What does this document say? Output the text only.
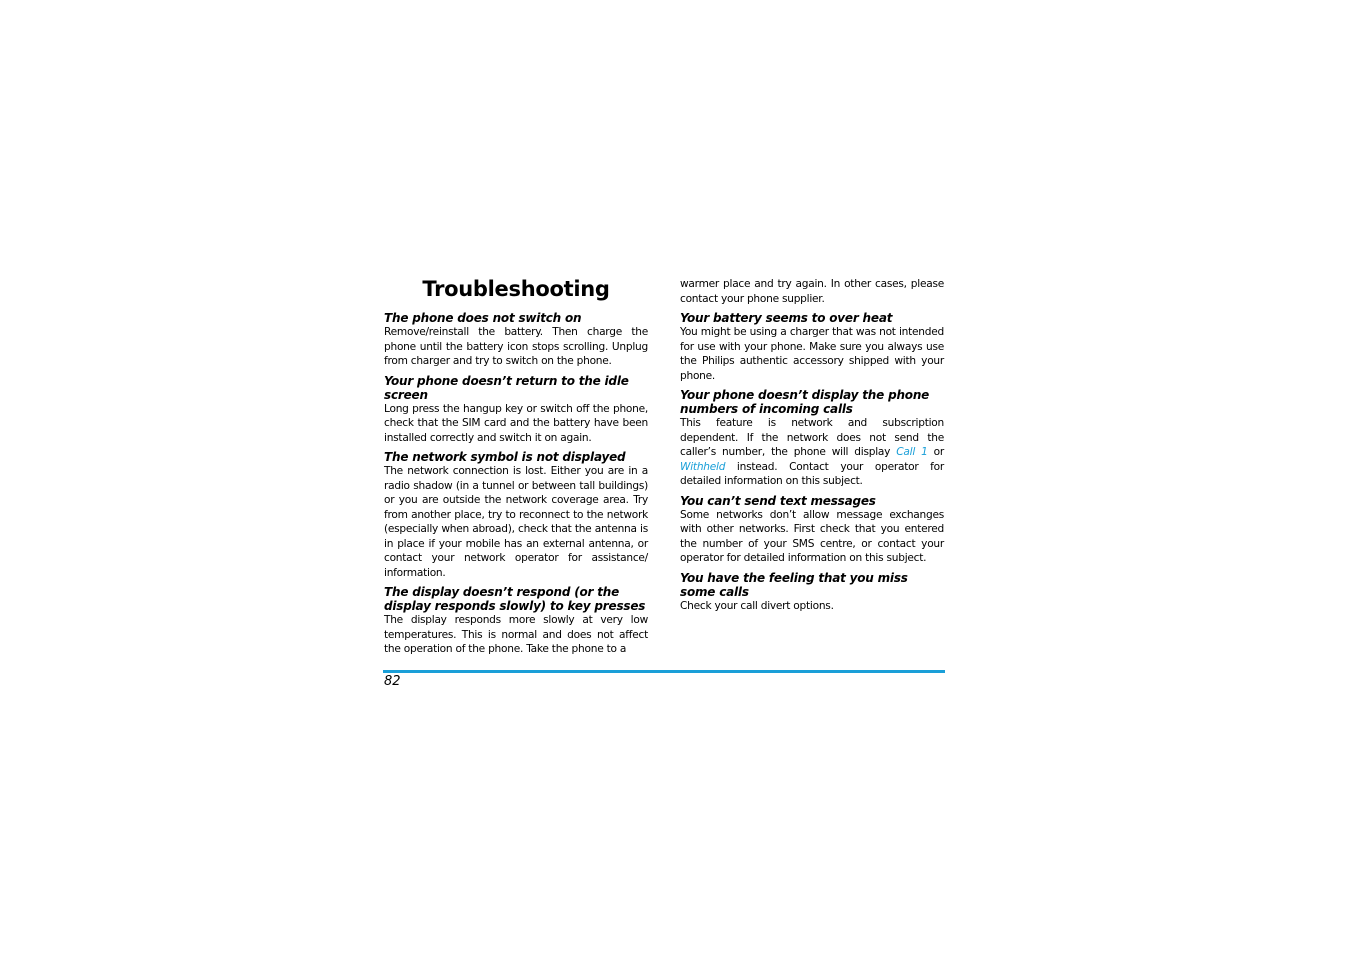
Troubleshooting

The phone does not switch on

Remove/reinstall the battery. Then charge the phone until the battery icon stops scrolling. Unplug from charger and try to switch on the phone.

Your phone doesn’t return to the idle screen

Long press the hangup key or switch off the phone, check that the SIM card and the battery have been installed correctly and switch it on again.

The network symbol is not displayed

The network connection is lost. Either you are in a radio shadow (in a tunnel or between tall buildings) or you are outside the network coverage area. Try from another place, try to reconnect to the network (especially when abroad), check that the antenna is in place if your mobile has an external antenna, or contact your network operator for assistance/ information.

The display doesn’t respond (or the display responds slowly) to key presses

The display responds more slowly at very low temperatures. This is normal and does not affect the operation of the phone. Take the phone to a

warmer place and try again. In other cases, please contact your phone supplier.

Your battery seems to over heat

You might be using a charger that was not intended for use with your phone. Make sure you always use the Philips authentic accessory shipped with your phone.

Your phone doesn’t display the phone numbers of incoming calls

This feature is network and subscription dependent. If the network does not send the caller’s number, the phone will display Call 1 or Withheld instead. Contact your operator for detailed information on this subject.

You can’t send text messages

Some networks don’t allow message exchanges with other networks. First check that you entered the number of your SMS centre, or contact your operator for detailed information on this subject.

You have the feeling that you miss some calls

Check your call divert options.

82
